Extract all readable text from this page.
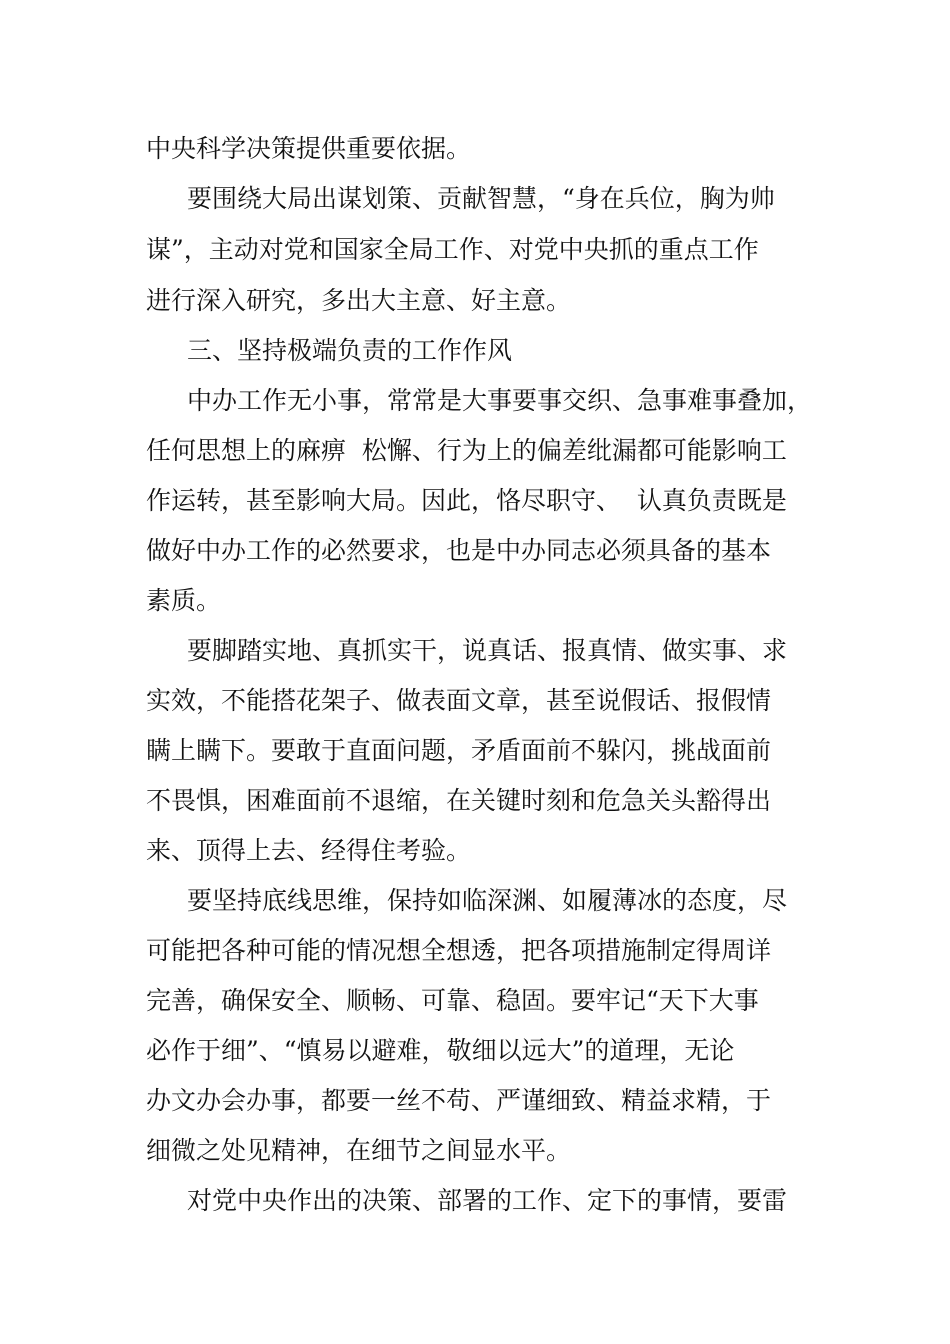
中央科学决策提供重要依据。
要围绕大局出谋划策、贡献智慧，“身在兵位，胸为帅
谋”，主动对党和国家全局工作、对党中央抓的重点工作
进行深入研究，多出大主意、好主意。
三、坚持极端负责的工作作风
中办工作无小事，常常是大事要事交织、急事难事叠加，
任何思想上的麻痹  松懈、行为上的偏差纰漏都可能影响工
作运转，甚至影响大局。因此，恪尽职守、  认真负责既是
做好中办工作的必然要求，也是中办同志必须具备的基本
素质。
要脚踏实地、真抓实干，说真话、报真情、做实事、求
实效，不能搭花架子、做表面文章，甚至说假话、报假情
瞒上瞒下。要敢于直面问题，矛盾面前不躲闪，挑战面前
不畏惧，困难面前不退缩，在关键时刻和危急关头豁得出
来、顶得上去、经得住考验。
要坚持底线思维，保持如临深渊、如履薄冰的态度，尽
可能把各种可能的情况想全想透，把各项措施制定得周详
完善，确保安全、顺畅、可靠、稳固。要牢记“天下大事
必作于细”、“慎易以避难，敬细以远大”的道理，无论
办文办会办事，都要一丝不苟、严谨细致、精益求精，于
细微之处见精神，在细节之间显水平。
对党中央作出的决策、部署的工作、定下的事情，要雷
